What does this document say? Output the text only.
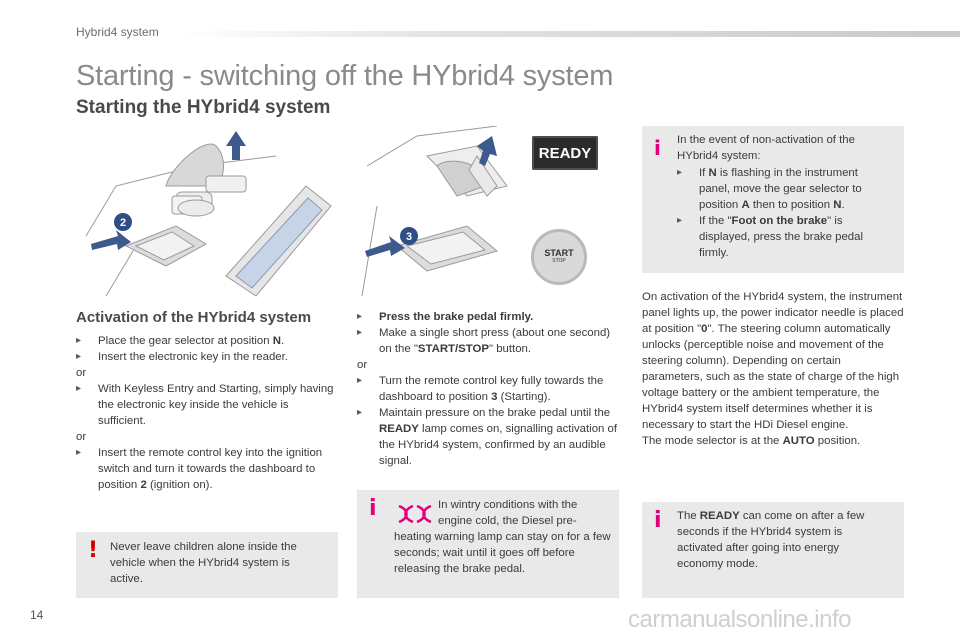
Hybrid4 system
Starting - switching off the HYbrid4 system
Starting the HYbrid4 system
2
3
READY
START
STOP
i In the event of non-activation of the HYbrid4 system:

▸ If N is flashing in the instrument panel, move the gear selector to position A then to position N.

▸ If the "Foot on the brake" is displayed, press the brake pedal firmly.

Activation of the HYbrid4 system

▸ Place the gear selector at position N.

▸ Insert the electronic key in the reader.

or

▸ With Keyless Entry and Starting, simply having the electronic key inside the vehicle is sufficient.

or

▸ Insert the remote control key into the ignition switch and turn it towards the dashboard to position 2 (ignition on).

! Never leave children alone inside the vehicle when the HYbrid4 system is active.

▸ Press the brake pedal firmly.

▸ Make a single short press (about one second) on the "START/STOP" button.

or

▸ Turn the remote control key fully towards the dashboard to position 3 (Starting).

▸ Maintain pressure on the brake pedal until the READY lamp comes on, signalling activation of the HYbrid4 system, confirmed by an audible signal.

i	In wintry conditions with the engine cold, the Diesel pre-
heating warning lamp can stay on for a few seconds; wait until it goes off before releasing the brake pedal.

On activation of the HYbrid4 system, the instrument panel lights up, the power indicator needle is placed at position "0". The steering column automatically unlocks (perceptible noise and movement of the steering column). Depending on certain parameters, such as the state of charge of the high voltage battery or the ambient temperature, the HYbrid4 system itself determines whether it is necessary to start the HDi Diesel engine.

The mode selector is at the AUTO position.

i The READY can come on after a few seconds if the HYbrid4 system is activated after going into energy economy mode.
14	carmanualsonline.info
